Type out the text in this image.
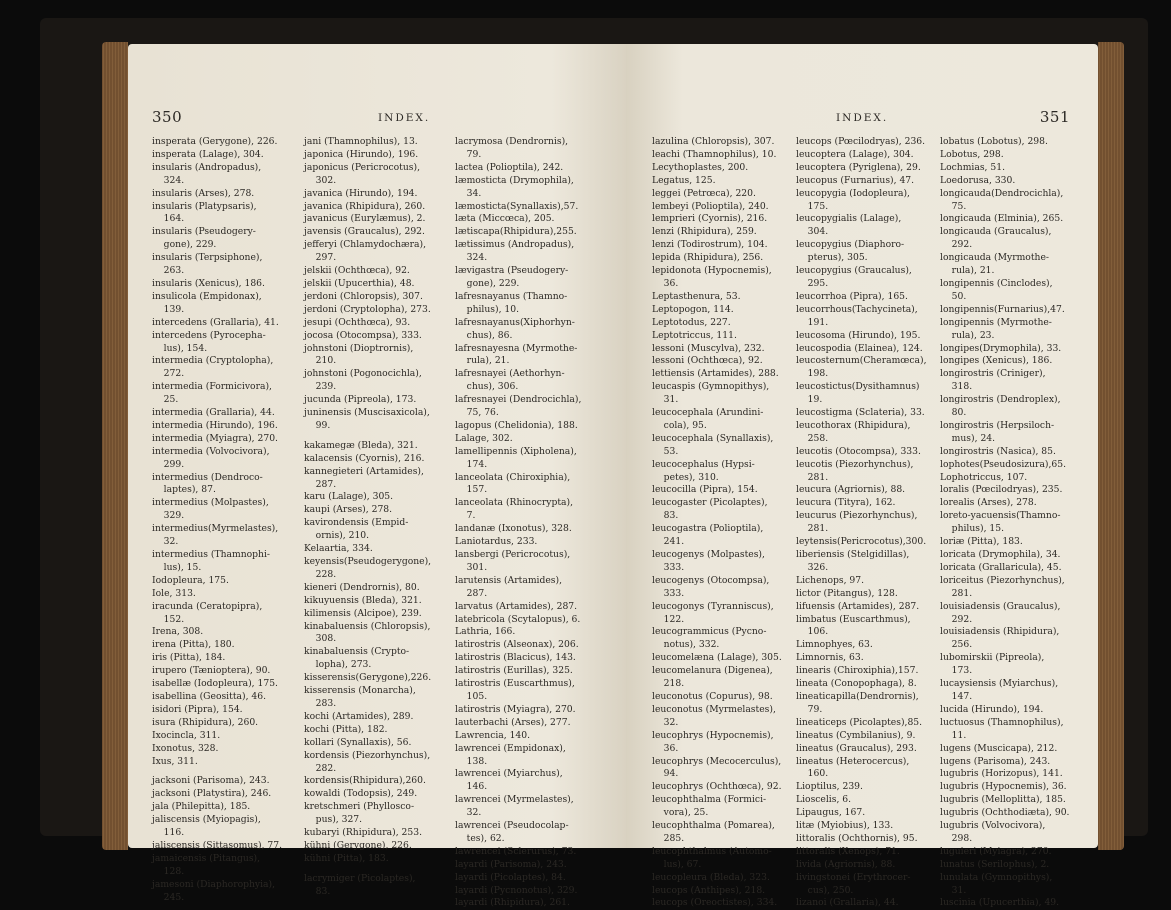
350	INDEX.
insperata (Gerygone), 226.
insperata (Lalage), 304.
insularis (Andropadus),
324.
insularis (Arses), 278.
insularis (Platypsaris),
164.
insularis (Pseudogery-
gone), 229.
insularis (Terpsiphone),
263.
insularis (Xenicus), 186.
insulicola (Empidonax),
139.
intercedens (Grallaria), 41.
intercedens (Pyrocepha-
lus), 154.
intermedia (Cryptolopha),
272.
intermedia (Formicivora),
25.
intermedia (Grallaria), 44.
intermedia (Hirundo), 196.
intermedia (Myiagra), 270.
intermedia (Volvocivora),
299.
intermedius (Dendroco-
laptes), 87.
intermedius (Molpastes),
329.
intermedius(Myrmelastes),
32.
intermedius (Thamnophi-
lus), 15.
Iodopleura, 175.
Iole, 313.
iracunda (Ceratopipra),
152.
Irena, 308.
irena (Pitta), 180.
iris (Pitta), 184.
irupero (Tænioptera), 90.
isabellæ (Iodopleura), 175.
isabellina (Geositta), 46.
isidori (Pipra), 154.
isura (Rhipidura), 260.
Ixocincla, 311.
Ixonotus, 328.
Ixus, 311.
jacksoni (Parisoma), 243.
jacksoni (Platystira), 246.
jala (Philepitta), 185.
jaliscensis (Myiopagis),
116.
jaliscensis (Sittasomus), 77.
jamaicensis (Pitangus),
128.
jamesoni (Diaphorophyia),
245.
jani (Thamnophilus), 13.
japonica (Hirundo), 196.
japonicus (Pericrocotus),
302.
javanica (Hirundo), 194.
javanica (Rhipidura), 260.
javanicus (Eurylæmus), 2.
javensis (Graucalus), 292.
jefferyi (Chlamydochæra),
297.
jelskii (Ochthœca), 92.
jelskii (Upucerthia), 48.
jerdoni (Chloropsis), 307.
jerdoni (Cryptolopha), 273.
jesupi (Ochthœca), 93.
jocosa (Otocompsa), 333.
johnstoni (Dioptrornis),
210.
johnstoni (Pogonocichla),
239.
jucunda (Pipreola), 173.
juninensis (Muscisaxicola),
99.
kakamegæ (Bleda), 321.
kalacensis (Cyornis), 216.
kannegieteri (Artamides),
287.
karu (Lalage), 305.
kaupi (Arses), 278.
kavirondensis (Empid-
ornis), 210.
Kelaartia, 334.
keyensis(Pseudogerygone),
228.
kieneri (Dendrornis), 80.
kikuyuensis (Bleda), 321.
kilimensis (Alcipoe), 239.
kinabaluensis (Chloropsis),
308.
kinabaluensis (Crypto-
lopha), 273.
kisserensis(Gerygone),226.
kisserensis (Monarcha),
283.
kochi (Artamides), 289.
kochi (Pitta), 182.
kollari (Synallaxis), 56.
kordensis (Piezorhynchus),
282.
kordensis(Rhipidura),260.
kowaldi (Todopsis), 249.
kretschmeri (Phyllosco-
pus), 327.
kubaryi (Rhipidura), 253.
kühni (Gerygone), 226.
kühni (Pitta), 183.
lacrymiger (Picolaptes),
83.
lacrymosa (Dendrornis),
79.
lactea (Polioptila), 242.
læmosticta (Drymophila),
34.
læmosticta(Synallaxis),57.
læta (Miccœca), 205.
lætiscapa(Rhipidura),255.
lætissimus (Andropadus),
324.
lævigastra (Pseudogery-
gone), 229.
lafresnayanus (Thamno-
philus), 10.
lafresnayanus(Xiphorhyn-
chus), 86.
lafresnayesna (Myrmothe-
rula), 21.
lafresnayei (Aethorhyn-
chus), 306.
lafresnayei (Dendrocichla),
75, 76.
lagopus (Chelidonia), 188.
Lalage, 302.
lamellipennis (Xipholena),
174.
lanceolata (Chiroxiphia),
157.
lanceolata (Rhinocrypta),
7.
landanæ (Ixonotus), 328.
Laniotardus, 233.
lansbergi (Pericrocotus),
301.
larutensis (Artamides),
287.
larvatus (Artamides), 287.
latebricola (Scytalopus), 6.
Lathria, 166.
latirostris (Alseonax), 206.
latirostris (Blacicus), 143.
latirostris (Eurillas), 325.
latirostris (Euscarthmus),
105.
latirostris (Myiagra), 270.
lauterbachi (Arses), 277.
Lawrencia, 140.
lawrencei (Empidonax),
138.
lawrencei (Myiarchus),
146.
lawrencei (Myrmelastes),
32.
lawrencei (Pseudocolap-
tes), 62.
lawrencei (Sclerurus), 73.
layardi (Parisoma), 243.
layardi (Picolaptes), 84.
layardi (Pycnonotus), 329.
layardi (Rhipidura), 261.
INDEX.	351
lazulina (Chloropsis), 307.
leachi (Thamnophilus), 10.
Lecythoplastes, 200.
Legatus, 125.
leggei (Petrœca), 220.
lembeyi (Polioptila), 240.
lemprieri (Cyornis), 216.
lenzi (Rhipidura), 259.
lenzi (Todirostrum), 104.
lepida (Rhipidura), 256.
lepidonota (Hypocnemis),
36.
Leptasthenura, 53.
Leptopogon, 114.
Leptotodus, 227.
Leptotriccus, 111.
lessoni (Muscylva), 232.
lessoni (Ochthœca), 92.
lettiensis (Artamides), 288.
leucaspis (Gymnopithys),
31.
leucocephala (Arundini-
cola), 95.
leucocephala (Synallaxis),
53.
leucocephalus (Hypsi-
petes), 310.
leucocilla (Pipra), 154.
leucogaster (Picolaptes),
83.
leucogastra (Polioptila),
241.
leucogenys (Molpastes),
333.
leucogenys (Otocompsa),
333.
leucogonys (Tyranniscus),
122.
leucogrammicus (Pycno-
notus), 332.
leucomelæna (Lalage), 305.
leucomelanura (Digenea),
218.
leuconotus (Copurus), 98.
leuconotus (Myrmelastes),
32.
leucophrys (Hypocnemis),
36.
leucophrys (Mecocerculus),
94.
leucophrys (Ochthœca), 92.
leucophthalma (Formici-
vora), 25.
leucophthalma (Pomarea),
285.
leucophthalmus (Automo-
lus), 67.
leucopleura (Bleda), 323.
leucops (Anthipes), 218.
leucops (Oreoctistes), 334.
leucops (Pœcilodryas), 236.
leucoptera (Lalage), 304.
leucoptera (Pyriglena), 29.
leucopus (Furnarius), 47.
leucopygia (Iodopleura),
175.
leucopygialis (Lalage),
304.
leucopygius (Diaphoro-
pterus), 305.
leucopygius (Graucalus),
295.
leucorrhoa (Pipra), 165.
leucorrhous(Tachycineta),
191.
leucosoma (Hirundo), 195.
leucospodia (Elainea), 124.
leucosternum(Cheramœca),
198.
leucostictus(Dysithamnus)
19.
leucostigma (Sclateria), 33.
leucothorax (Rhipidura),
258.
leucotis (Otocompsa), 333.
leucotis (Piezorhynchus),
281.
leucura (Agriornis), 88.
leucura (Tityra), 162.
leucurus (Piezorhynchus),
281.
leytensis(Pericrocotus),300.
liberiensis (Stelgidillas),
326.
Lichenops, 97.
lictor (Pitangus), 128.
lifuensis (Artamides), 287.
limbatus (Euscarthmus),
106.
Limnophyes, 63.
Limnornis, 63.
linearis (Chiroxiphia),157.
lineata (Conopophaga), 8.
lineaticapilla(Dendrornis),
79.
lineaticeps (Picolaptes),85.
lineatus (Cymbilanius), 9.
lineatus (Graucalus), 293.
lineatus (Heterocercus),
160.
Lioptilus, 239.
Lioscelis, 6.
Lipaugus, 167.
litæ (Myiobius), 133.
littoralis (Ochthornis), 95.
littoralis (Xenops), 71.
livida (Agriornis), 88.
livingstonei (Erythrocer-
cus), 250.
lizanoi (Grallaria), 44.
lobatus (Lobotus), 298.
Lobotus, 298.
Lochmias, 51.
Loedorusa, 330.
longicauda(Dendrocichla),
75.
longicauda (Elminia), 265.
longicauda (Graucalus),
292.
longicauda (Myrmothe-
rula), 21.
longipennis (Cinclodes),
50.
longipennis(Furnarius),47.
longipennis (Myrmothe-
rula), 23.
longipes(Drymophila), 33.
longipes (Xenicus), 186.
longirostris (Criniger),
318.
longirostris (Dendroplex),
80.
longirostris (Herpsiloch-
mus), 24.
longirostris (Nasica), 85.
lophotes(Pseudosizura),65.
Lophotriccus, 107.
loralis (Pœcilodryas), 235.
lorealis (Arses), 278.
loreto-yacuensis(Thamno-
philus), 15.
loriæ (Pitta), 183.
loricata (Drymophila), 34.
loricata (Grallaricula), 45.
loriceitus (Piezorhynchus),
281.
louisiadensis (Graucalus),
292.
louisiadensis (Rhipidura),
256.
lubomirskii (Pipreola),
173.
lucaysiensis (Myiarchus),
147.
lucida (Hirundo), 194.
luctuosus (Thamnophilus),
11.
lugens (Muscicapa), 212.
lugens (Parisoma), 243.
lugubris (Horizopus), 141.
lugubris (Hypocnemis), 36.
lugubris (Melloplitta), 185.
lugubris (Ochthodiæta), 90.
lugubris (Volvocivora),
298.
luguieri (Myiagra), 270.
lunatus (Serilophus), 2.
lunulata (Gymnopithys),
31.
luscinia (Upucerthia), 49.
